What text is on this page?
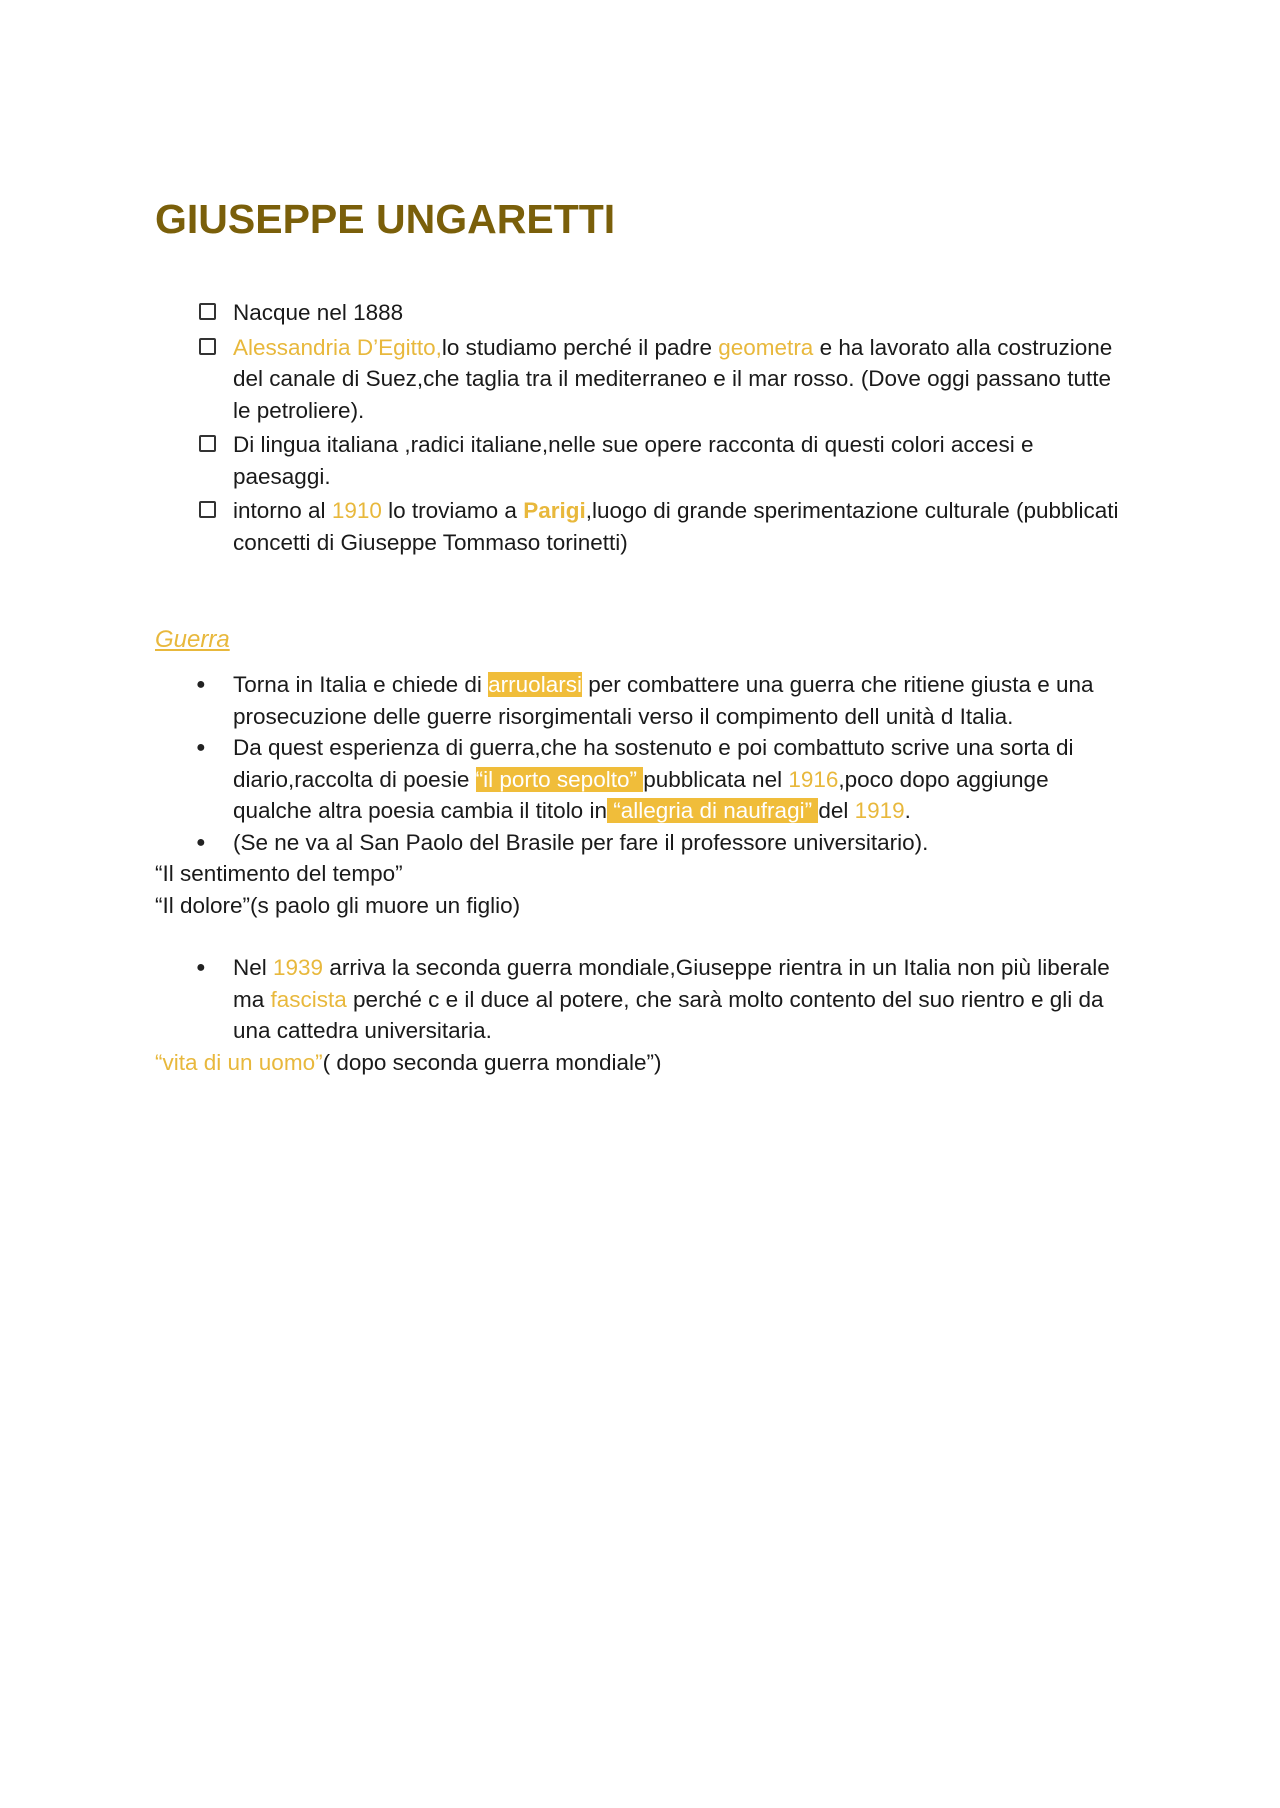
GIUSEPPE UNGARETTI
Nacque nel 1888
Alessandria D’Egitto,lo studiamo perché il padre geometra e ha lavorato alla costruzione del canale di Suez,che taglia tra il mediterraneo e il mar rosso. (Dove oggi passano tutte le petroliere).
Di lingua italiana ,radici italiane,nelle sue opere racconta di questi colori accesi e paesaggi.
intorno al 1910 lo troviamo a Parigi,luogo di grande sperimentazione culturale (pubblicati concetti di Giuseppe Tommaso torinetti)
Guerra
● Torna in Italia e chiede di arruolarsi per combattere una guerra che ritiene giusta e una prosecuzione delle guerre risorgimentali verso il compimento dell unità d Italia.
● Da quest esperienza di guerra,che ha sostenuto e poi combattuto scrive una sorta di diario,raccolta di poesie “il porto sepolto” pubblicata nel 1916,poco dopo aggiunge qualche altra poesia cambia il titolo in “allegria di naufragi” del 1919.
● (Se ne va al San Paolo del Brasile per fare il professore universitario).
“Il sentimento del tempo”
“Il dolore”(s paolo gli muore un figlio)
● Nel 1939 arriva la seconda guerra mondiale,Giuseppe rientra in un Italia non più liberale ma fascista perché c e il duce al potere, che sarà molto contento del suo rientro e gli da una cattedra universitaria.
“vita di un uomo”( dopo seconda guerra mondiale”)
